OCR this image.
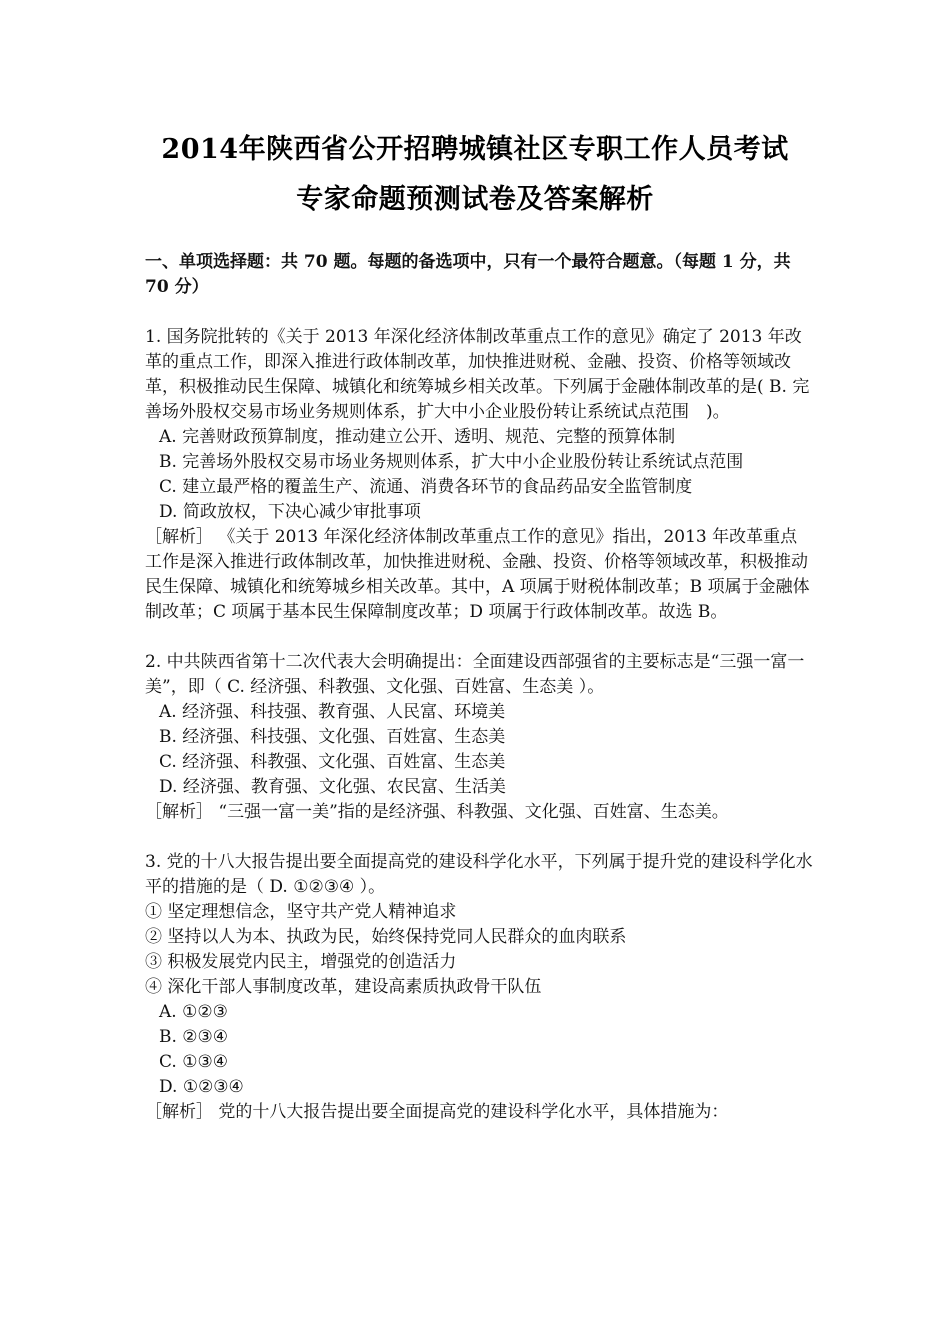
2014年陕西省公开招聘城镇社区专职工作人员考试
专家命题预测试卷及答案解析
一、单项选择题：共 70 题。每题的备选项中，只有一个最符合题意。（每题 1 分，共 70 分）
1. 国务院批转的《关于 2013 年深化经济体制改革重点工作的意见》确定了 2013 年改革的重点工作，即深入推进行政体制改革，加快推进财税、金融、投资、价格等领域改革，积极推动民生保障、城镇化和统筹城乡相关改革。下列属于金融体制改革的是( B. 完善场外股权交易市场业务规则体系，扩大中小企业股份转让系统试点范围　)。
A. 完善财政预算制度，推动建立公开、透明、规范、完整的预算体制
B. 完善场外股权交易市场业务规则体系，扩大中小企业股份转让系统试点范围
C. 建立最严格的覆盖生产、流通、消费各环节的食品药品安全监管制度
D. 简政放权，下决心减少审批事项
［解析］ 《关于 2013 年深化经济体制改革重点工作的意见》指出，2013 年改革重点工作是深入推进行政体制改革，加快推进财税、金融、投资、价格等领域改革，积极推动民生保障、城镇化和统筹城乡相关改革。其中，A 项属于财税体制改革；B 项属于金融体制改革；C 项属于基本民生保障制度改革；D 项属于行政体制改革。故选 B。
2. 中共陕西省第十二次代表大会明确提出：全面建设西部强省的主要标志是“三强一富一美”，即（ C. 经济强、科教强、文化强、百姓富、生态美 ）。
A. 经济强、科技强、教育强、人民富、环境美
B. 经济强、科技强、文化强、百姓富、生态美
C. 经济强、科教强、文化强、百姓富、生态美
D. 经济强、教育强、文化强、农民富、生活美
［解析］ “三强一富一美”指的是经济强、科教强、文化强、百姓富、生态美。
3. 党的十八大报告提出要全面提高党的建设科学化水平，下列属于提升党的建设科学化水平的措施的是（ D. ①②③④ ）。
① 坚定理想信念，坚守共产党人精神追求
② 坚持以人为本、执政为民，始终保持党同人民群众的血肉联系
③ 积极发展党内民主，增强党的创造活力
④ 深化干部人事制度改革，建设高素质执政骨干队伍
A. ①②③
B. ②③④
C. ①③④
D. ①②③④
［解析］ 党的十八大报告提出要全面提高党的建设科学化水平，具体措施为：
